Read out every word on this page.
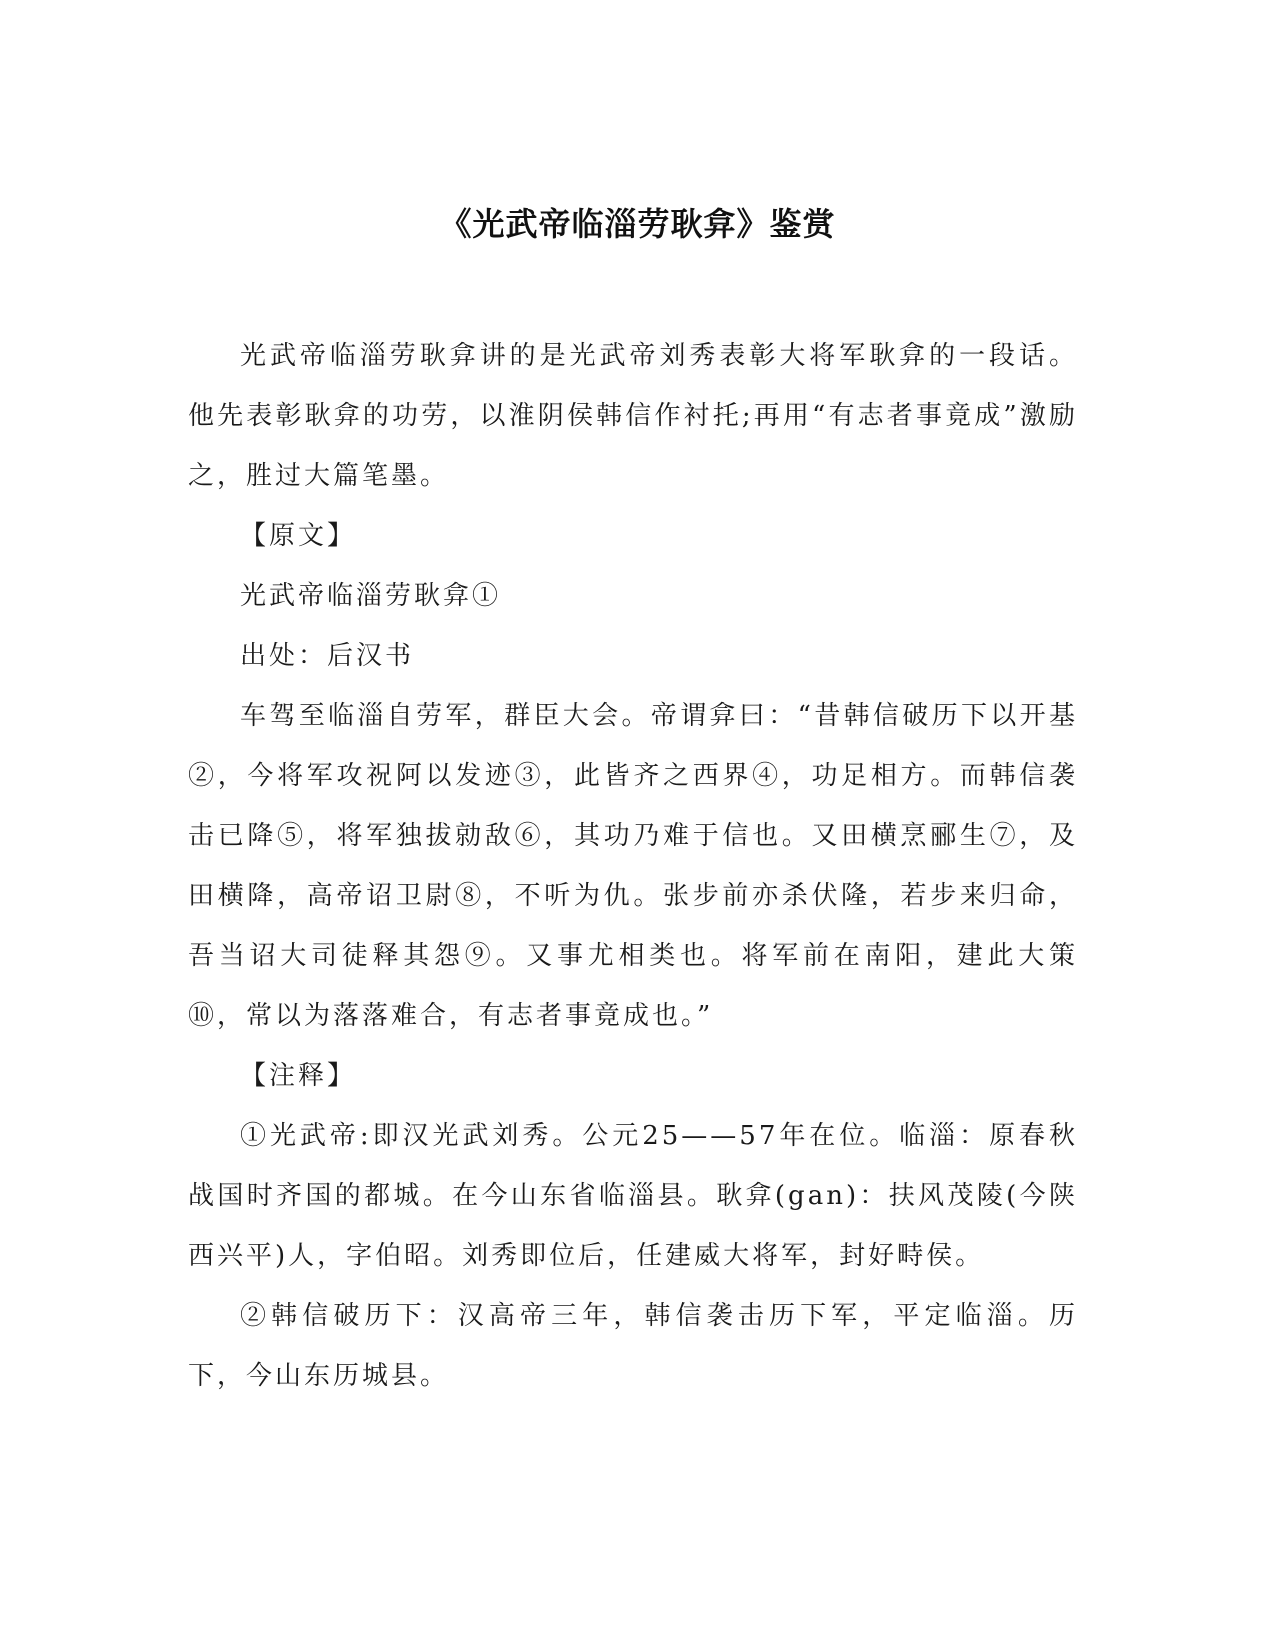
《光武帝临淄劳耿弇》鉴赏

光武帝临淄劳耿弇讲的是光武帝刘秀表彰大将军耿弇的一段话。他先表彰耿弇的功劳，以淮阴侯韩信作衬托;再用“有志者事竟成”激励之，胜过大篇笔墨。

【原文】

光武帝临淄劳耿弇①

出处：后汉书

车驾至临淄自劳军，群臣大会。帝谓弇曰：“昔韩信破历下以开基②，今将军攻祝阿以发迹③，此皆齐之西界④，功足相方。而韩信袭击已降⑤，将军独拔勍敌⑥，其功乃难于信也。又田横烹郦生⑦，及田横降，高帝诏卫尉⑧，不听为仇。张步前亦杀伏隆，若步来归命，吾当诏大司徒释其怨⑨。又事尤相类也。将军前在南阳，建此大策⑩，常以为落落难合，有志者事竟成也。”

【注释】

①光武帝:即汉光武刘秀。公元25——57年在位。临淄：原春秋战国时齐国的都城。在今山东省临淄县。耿弇(gan)：扶风茂陵(今陕西兴平)人，字伯昭。刘秀即位后，任建威大将军，封好畤侯。

②韩信破历下：汉高帝三年，韩信袭击历下军，平定临淄。历下，今山东历城县。
